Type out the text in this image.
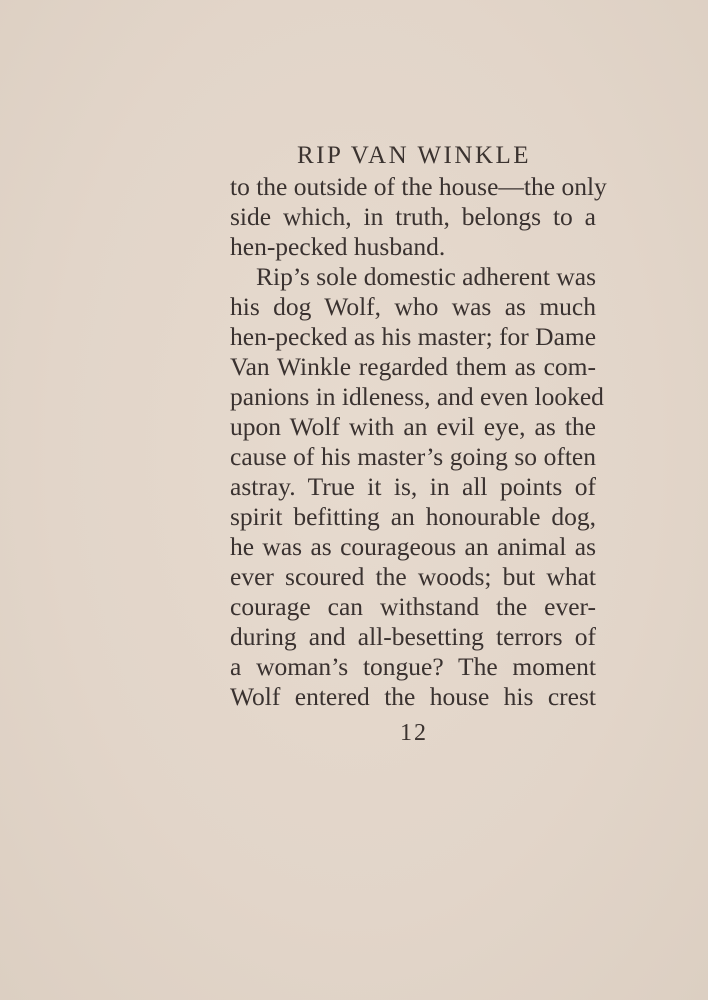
RIP VAN WINKLE
to the outside of the house—the only
side which, in truth, belongs to a
hen-pecked husband.
Rip’s sole domestic adherent was
his dog Wolf, who was as much
hen-pecked as his master; for Dame
Van Winkle regarded them as com-
panions in idleness, and even looked
upon Wolf with an evil eye, as the
cause of his master’s going so often
astray. True it is, in all points of
spirit befitting an honourable dog,
he was as courageous an animal as
ever scoured the woods; but what
courage can withstand the ever-
during and all-besetting terrors of
a woman’s tongue? The moment
Wolf entered the house his crest
12
